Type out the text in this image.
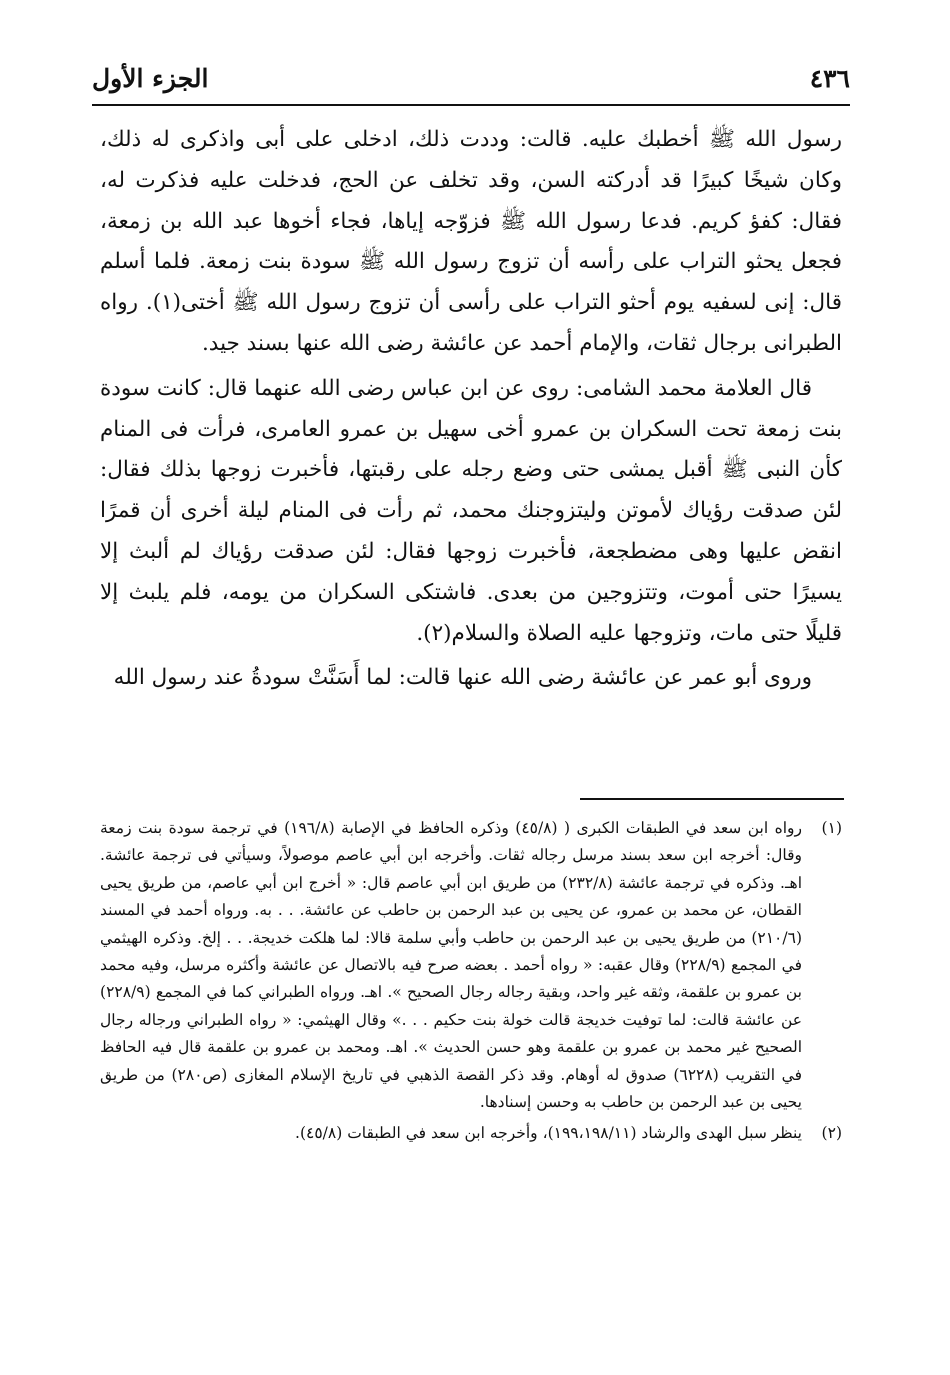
٤٣٦
الجزء الأول

رسول الله ﷺ أخطبك عليه. قالت: وددت ذلك، ادخلى على أبى واذكرى له ذلك، وكان شيخًا كبيرًا قد أدركته السن، وقد تخلف عن الحج، فدخلت عليه فذكرت له، فقال: كفؤ كريم. فدعا رسول الله ﷺ فزوّجه إياها، فجاء أخوها عبد الله بن زمعة، فجعل يحثو التراب على رأسه أن تزوج رسول الله ﷺ سودة بنت زمعة. فلما أسلم قال: إنى لسفيه يوم أحثو التراب على رأسى أن تزوج رسول الله ﷺ أختى(١). رواه الطبرانى برجال ثقات، والإمام أحمد عن عائشة رضى الله عنها بسند جيد.

قال العلامة محمد الشامى: روى عن ابن عباس رضى الله عنهما قال: كانت سودة بنت زمعة تحت السكران بن عمرو أخى سهيل بن عمرو العامرى، فرأت فى المنام كأن النبى ﷺ أقبل يمشى حتى وضع رجله على رقبتها، فأخبرت زوجها بذلك فقال: لئن صدقت رؤياك لأموتن وليتزوجنك محمد، ثم رأت فى المنام ليلة أخرى أن قمرًا انقض عليها وهى مضطجعة، فأخبرت زوجها فقال: لئن صدقت رؤياك لم ألبث إلا يسيرًا حتى أموت، وتتزوجين من بعدى. فاشتكى السكران من يومه، فلم يلبث إلا قليلًا حتى مات، وتزوجها عليه الصلاة والسلام(٢).

وروى أبو عمر عن عائشة رضى الله عنها قالت: لما أَسَنَّتْ سودةُ عند رسول الله

(١)
رواه ابن سعد في الطبقات الكبرى ( (٤٥/٨) وذكره الحافظ في الإصابة (١٩٦/٨) في ترجمة سودة بنت زمعة وقال: أخرجه ابن سعد بسند مرسل رجاله ثقات. وأخرجه ابن أبي عاصم موصولاً، وسيأتي فى ترجمة عائشة. اهـ. وذكره في ترجمة عائشة (٢٣٢/٨) من طريق ابن أبي عاصم قال: « أخرج ابن أبي عاصم، من طريق يحيى القطان، عن محمد بن عمرو، عن يحيى بن عبد الرحمن بن حاطب عن عائشة. . . به. ورواه أحمد في المسند (٢١٠/٦) من طريق يحيى بن عبد الرحمن بن حاطب وأبي سلمة قالا: لما هلكت خديجة. . . إلخ. وذكره الهيثمي في المجمع (٢٢٨/٩) وقال عقبه: « رواه أحمد . بعضه صرح فيه بالاتصال عن عائشة وأكثره مرسل، وفيه محمد بن عمرو بن علقمة، وثقه غير واحد، وبقية رجاله رجال الصحيح ». اهـ. ورواه الطبراني كما في المجمع (٢٢٨/٩) عن عائشة قالت: لما توفيت خديجة قالت خولة بنت حكيم . . .» وقال الهيثمي: « رواه الطبراني ورجاله رجال الصحيح غير محمد بن عمرو بن علقمة وهو حسن الحديث ». اهـ. ومحمد بن عمرو بن علقمة قال فيه الحافظ في التقريب (٦٢٢٨) صدوق له أوهام. وقد ذكر القصة الذهبي في تاريخ الإسلام المغازى (ص٢٨٠) من طريق يحيى بن عبد الرحمن بن حاطب به وحسن إسنادها.
(٢)
ينظر سبل الهدى والرشاد (١٩٩،١٩٨/١١)، وأخرجه ابن سعد في الطبقات (٤٥/٨).
